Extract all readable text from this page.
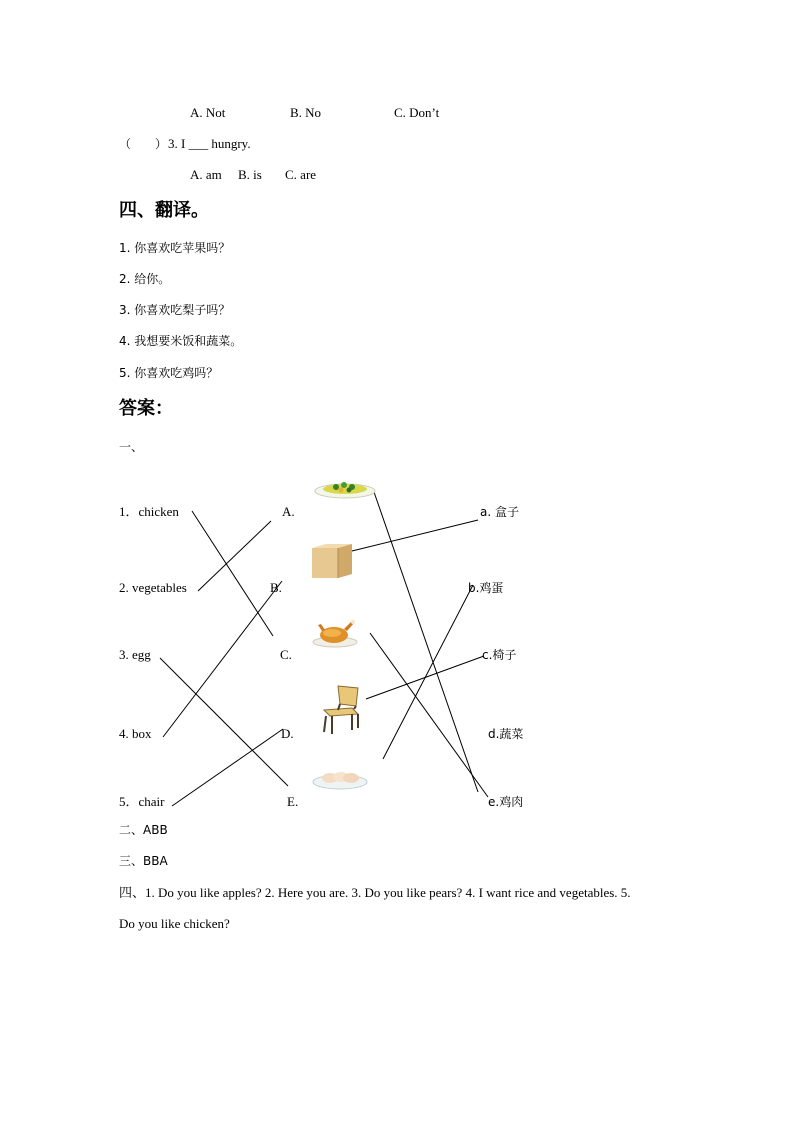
A. Not	B. No	C. Don’t
（　　） 3. I ___ hungry.
A. am B. is C. are
四、翻译。
1. 你喜欢吃苹果吗？
2. 给你。
3. 你喜欢吃梨子吗？
4. 我想要米饭和蔬菜。
5. 你喜欢吃鸡吗？
答案：
一、
1．chicken
2. vegetables
3. egg
4. box
5．chair
A.
B.
C.
D.
E.
a. 盒子
b.鸡蛋
c.椅子
d.蔬菜
e.鸡肉
二、ABB
三、BBA
四、1. Do you like apples? 2. Here you are. 3. Do you like pears? 4. I want rice and vegetables. 5.
Do you like chicken?
